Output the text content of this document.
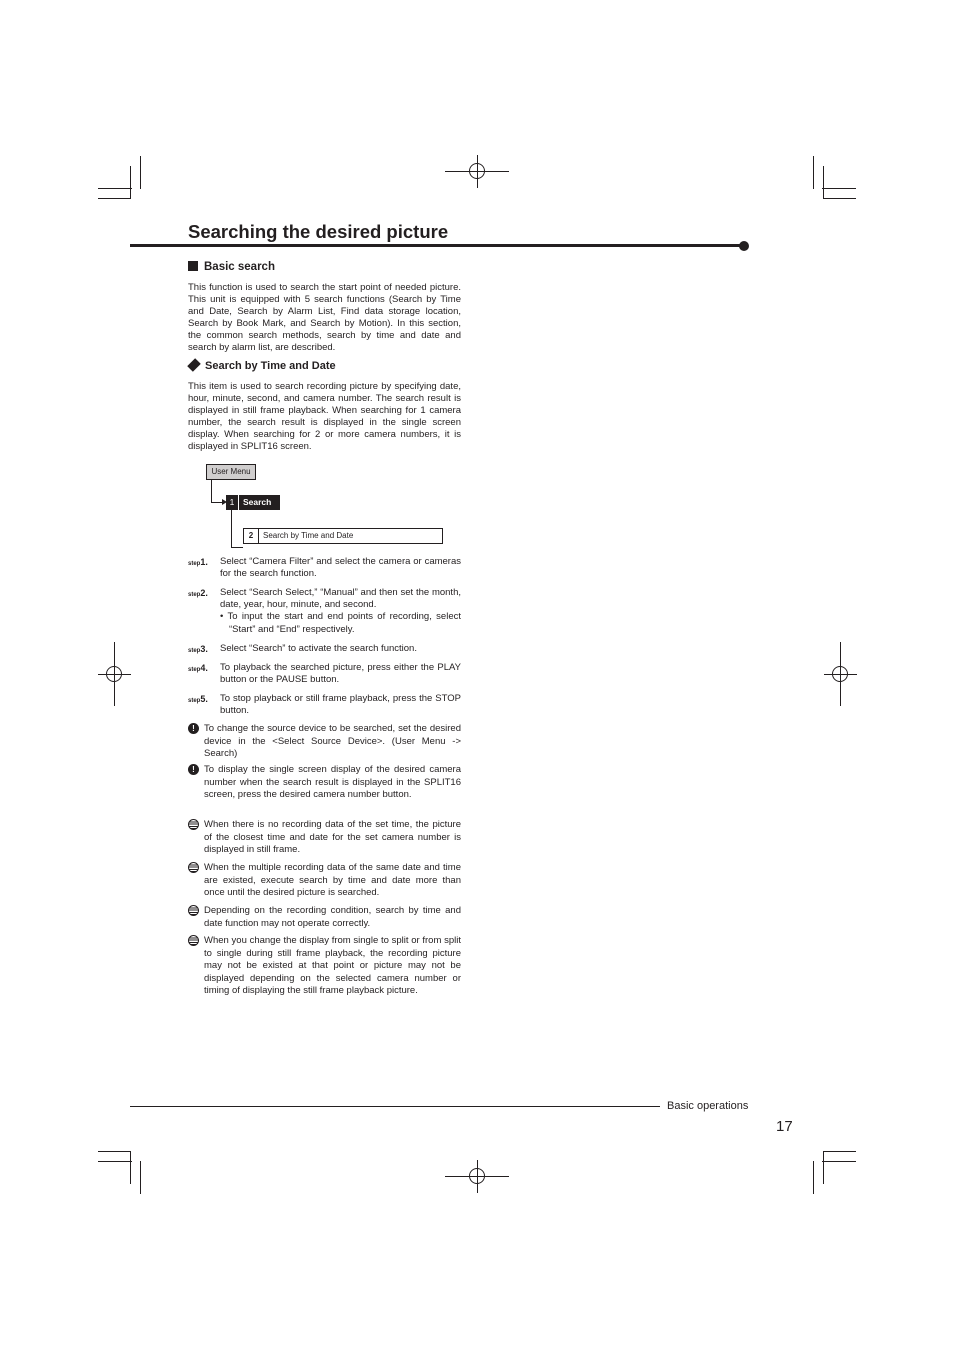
Searching the desired picture
Basic search
This function is used to search the start point of needed picture. This unit is equipped with 5 search functions (Search by Time and Date, Search by Alarm List, Find data storage location, Search by Book Mark, and Search by Motion). In this section, the common search methods, search by time and date and search by alarm list, are described.
Search by Time and Date
This item is used to search recording picture by specifying date, hour, minute, second, and camera number. The search result is displayed in still frame playback. When searching for 1 camera number, the search result is displayed in the single screen display. When searching for 2 or more camera numbers, it is displayed in SPLIT16 screen.
User Menu
1 Search
2 Search by Time and Date
step1. Select “Camera Filter” and select the camera or cameras for the search function.
step2. Select “Search Select,” “Manual” and then set the month, date, year, hour, minute, and second.
• To input the start and end points of recording, select “Start” and “End” respectively.
step3. Select “Search” to activate the search function.
step4. To playback the searched picture, press either the PLAY button or the PAUSE button.
step5. To stop playback or still frame playback, press the STOP button.
! To change the source device to be searched, set the desired device in the <Select Source Device>. (User Menu -> Search)
! To display the single screen display of the desired camera number when the search result is displayed in the SPLIT16 screen, press the desired camera number button.
When there is no recording data of the set time, the picture of the closest time and date for the set camera number is displayed in still frame.
When the multiple recording data of the same date and time are existed, execute search by time and date more than once until the desired picture is searched.
Depending on the recording condition, search by time and date function may not operate correctly.
When you change the display from single to split or from split to single during still frame playback, the recording picture may not be existed at that point or picture may not be displayed depending on the selected camera number or timing of displaying the still frame playback picture.
Basic operations
17
